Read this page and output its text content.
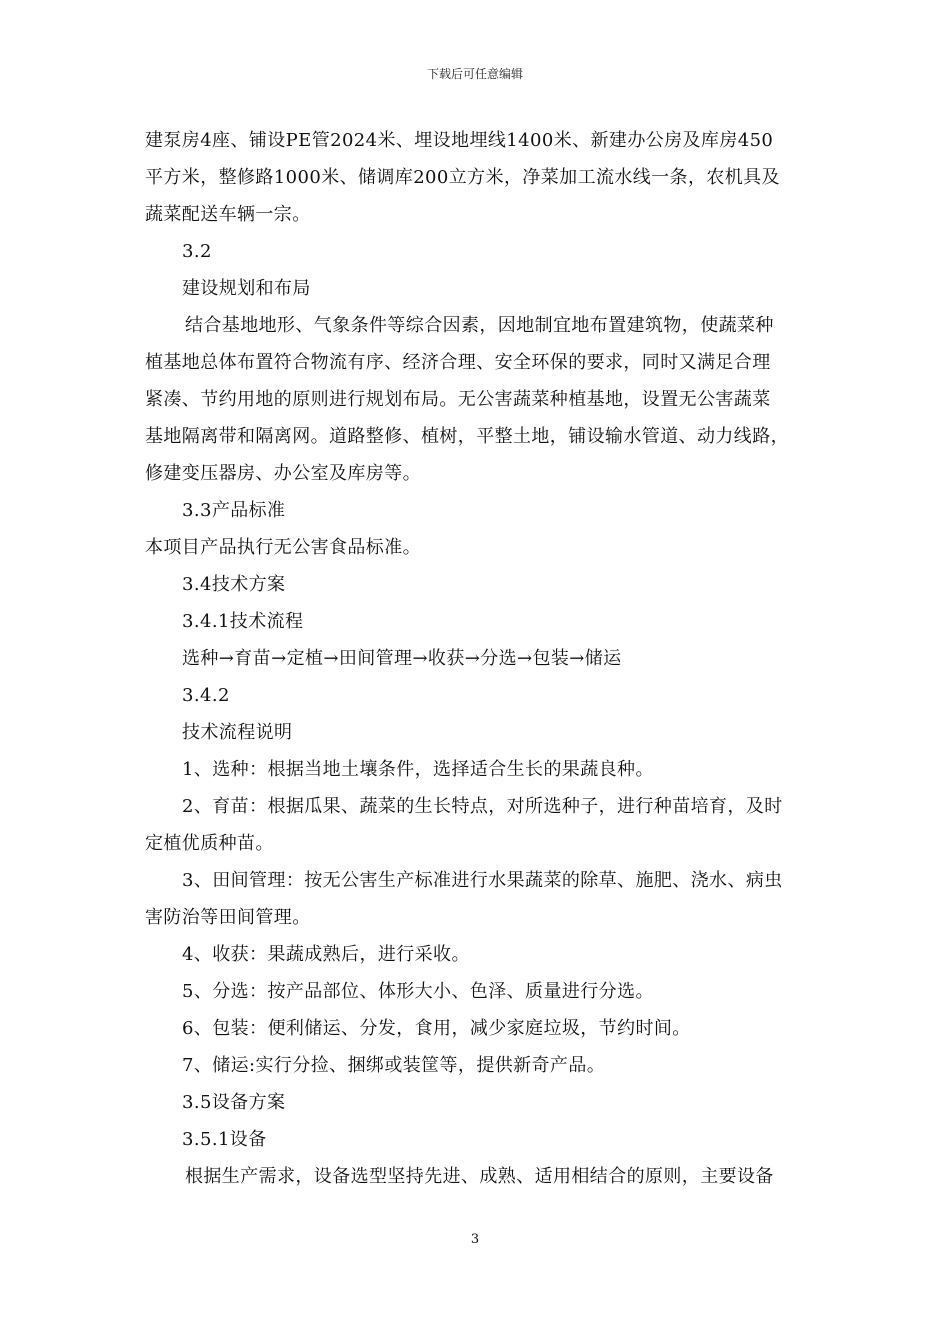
下载后可任意编辑
建泵房4座、铺设PE管2024米、埋设地埋线1400米、新建办公房及库房450
平方米，整修路1000米、储调库200立方米，净菜加工流水线一条，农机具及
蔬菜配送车辆一宗。
3.2
建设规划和布局
结合基地地形、气象条件等综合因素，因地制宜地布置建筑物，使蔬菜种
植基地总体布置符合物流有序、经济合理、安全环保的要求，同时又满足合理
紧凑、节约用地的原则进行规划布局。无公害蔬菜种植基地，设置无公害蔬菜
基地隔离带和隔离网。道路整修、植树，平整土地，铺设输水管道、动力线路，
修建变压器房、办公室及库房等。
3.3产品标准
本项目产品执行无公害食品标准。
3.4技术方案
3.4.1技术流程
选种→育苗→定植→田间管理→收获→分选→包装→储运
3.4.2
技术流程说明
1、选种：根据当地土壤条件，选择适合生长的果蔬良种。
2、育苗：根据瓜果、蔬菜的生长特点，对所选种子，进行种苗培育，及时
定植优质种苗。
3、田间管理：按无公害生产标准进行水果蔬菜的除草、施肥、浇水、病虫
害防治等田间管理。
4、收获：果蔬成熟后，进行采收。
5、分选：按产品部位、体形大小、色泽、质量进行分选。
6、包装：便利储运、分发，食用，减少家庭垃圾，节约时间。
7、储运:实行分捡、捆绑或装筐等，提供新奇产品。
3.5设备方案
3.5.1设备
根据生产需求，设备选型坚持先进、成熟、适用相结合的原则，主要设备
3
